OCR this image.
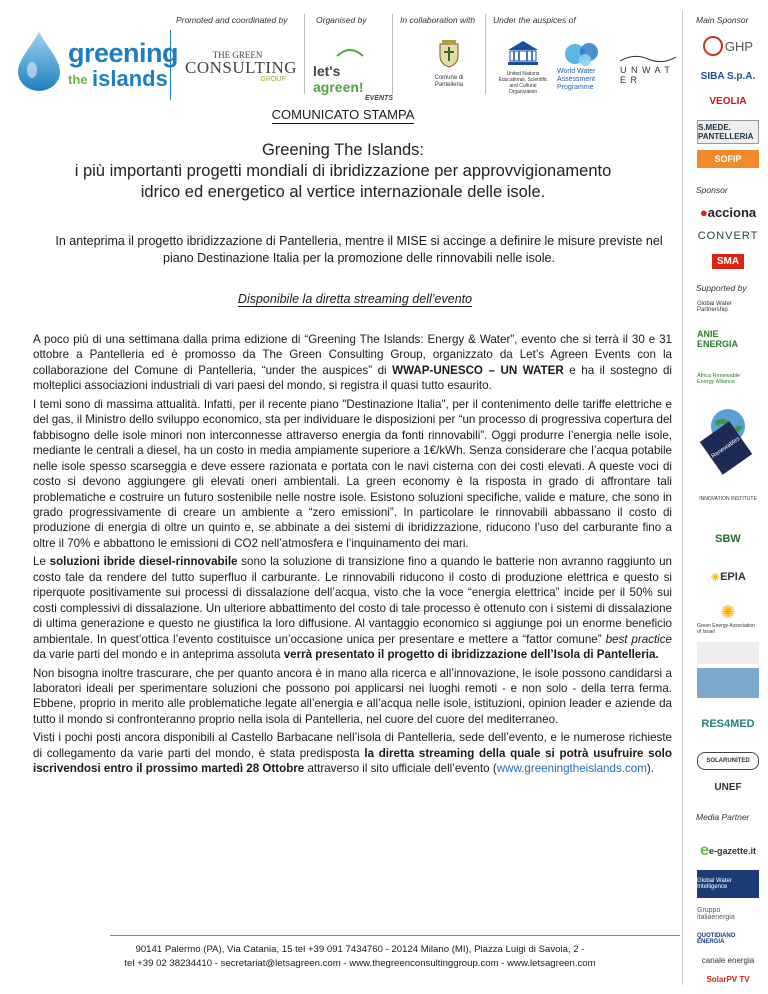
Promoted and coordinated by	Organised by	In collaboration with Under the auspices of
greening
the islands
THE GREEN
CONSULTING
GROUP
let's agreen!
EVENTS
Comune di Pantelleria
United Nations Educational, Scientific and Cultural Organization
World Water Assessment Programme
U N W A T E R
Main Sponsor
GHP
SIBA S.p.A.
VEOLIA
S.MEDE. PANTELLERIA
SOFIP
Sponsor
● acciona
CONVERT
SMA
Supported by
Global Water Partnership
ANIE ENERGIA
Africa Renewable Energy Alliance
Renewables
INNOVATION INSTITUTE
SBW
☀ EPIA
✺
Green Energy Association of Israel
RES4MED
SOLARUNITED
UNEF
Media Partner
e e-gazette.it
Global Water Intelligence
Gruppo italiaenergia
QUOTIDIANO ENERGIA
canale energia
SolarPV TV
COMUNICATO STAMPA
Greening The Islands:
i più importanti progetti mondiali di ibridizzazione per approvvigionamento
idrico ed energetico al vertice internazionale delle isole.
In anteprima il progetto ibridizzazione di Pantelleria, mentre il MISE si accinge a definire le misure previste nel piano Destinazione Italia per la promozione delle rinnovabili nelle isole.
Disponibile la diretta streaming dell’evento

A poco più di una settimana dalla prima edizione di “Greening The Islands: Energy & Water”, evento che si terrà il 30 e 31 ottobre a Pantelleria ed è promosso da The Green Consulting Group, organizzato da Let’s Agreen Events con la collaborazione del Comune di Pantelleria, “under the auspices” di WWAP-UNESCO – UN WATER e ha il sostegno di molteplici associazioni industriali di vari paesi del mondo, si registra il quasi tutto esaurito.

I temi sono di massima attualità. Infatti, per il recente piano "Destinazione Italia", per il contenimento delle tariffe elettriche e del gas, il Ministro dello sviluppo economico, sta per individuare le disposizioni per “un processo di progressiva copertura del fabbisogno delle isole minori non interconnesse attraverso energia da fonti rinnovabili”. Oggi produrre l’energia nelle isole, mediante le centrali a diesel, ha un costo in media ampiamente superiore a 1€/kWh. Senza considerare che l’acqua potabile nelle isole spesso scarseggia e deve essere razionata e portata con le navi cisterna con dei costi elevati. A queste voci di costo si devono aggiungere gli elevati oneri ambientali. La green economy è la risposta in grado di affrontare tali problematiche e costruire un futuro sostenibile nelle nostre isole. Esistono soluzioni specifiche, valide e mature, che sono in grado progressivamente di creare un ambiente a “zero emissioni”. In particolare le rinnovabili abbassano il costo di produzione di energia di oltre un quinto e, se abbinate a dei sistemi di ibridizzazione, riducono l’uso del carburante fino a oltre il 70% e abbattono le emissioni di CO2 nell’atmosfera e l’inquinamento dei mari.

Le soluzioni ibride diesel-rinnovabile sono la soluzione di transizione fino a quando le batterie non avranno raggiunto un costo tale da rendere del tutto superfluo il carburante. Le rinnovabili riducono il costo di produzione elettrica e questo si riperquote positivamente sui processi di dissalazione dell’acqua, visto che la voce “energia elettrica” incide per il 50% sui costi complessivi di dissalazione. Un ulteriore abbattimento del costo di tale processo è ottenuto con i sistemi di dissalazione di ultima generazione e questo ne giustifica la loro diffusione. Al vantaggio economico si aggiunge poi un enorme beneficio ambientale. In quest’ottica l’evento costituisce un’occasione unica per presentare e mettere a “fattor comune” best practice da varie parti del mondo e in anteprima assoluta verrà presentato il progetto di ibridizzazione dell’Isola di Pantelleria.

Non bisogna inoltre trascurare, che per quanto ancora è in mano alla ricerca e all’innovazione, le isole possono candidarsi a laboratori ideali per sperimentare soluzioni che possono poi applicarsi nei luoghi remoti - e non solo - della terra ferma. Ebbene, proprio in merito alle problematiche legate all’energia e all’acqua nelle isole, istituzioni, opinion leader e aziende da tutto il mondo si confronteranno proprio nella isola di Pantelleria, nel cuore del cuore del mediterraneo.

Visti i pochi posti ancora disponibili al Castello Barbacane nell’isola di Pantelleria, sede dell’evento, e le numerose richieste di collegamento da varie parti del mondo, è stata predisposta la diretta streaming della quale si potrà usufruire solo iscrivendosi entro il prossimo martedì 28 Ottobre attraverso il sito ufficiale dell’evento (www.greeningtheislands.com).

90141 Palermo (PA), Via Catania, 15 tel +39 091 7434760 - 20124 Milano (MI), Piazza Luigi di Savoia, 2 -
tel +39 02 38234410 - secretariat@letsagreen.com - www.thegreenconsultinggroup.com - www.letsagreen.com
